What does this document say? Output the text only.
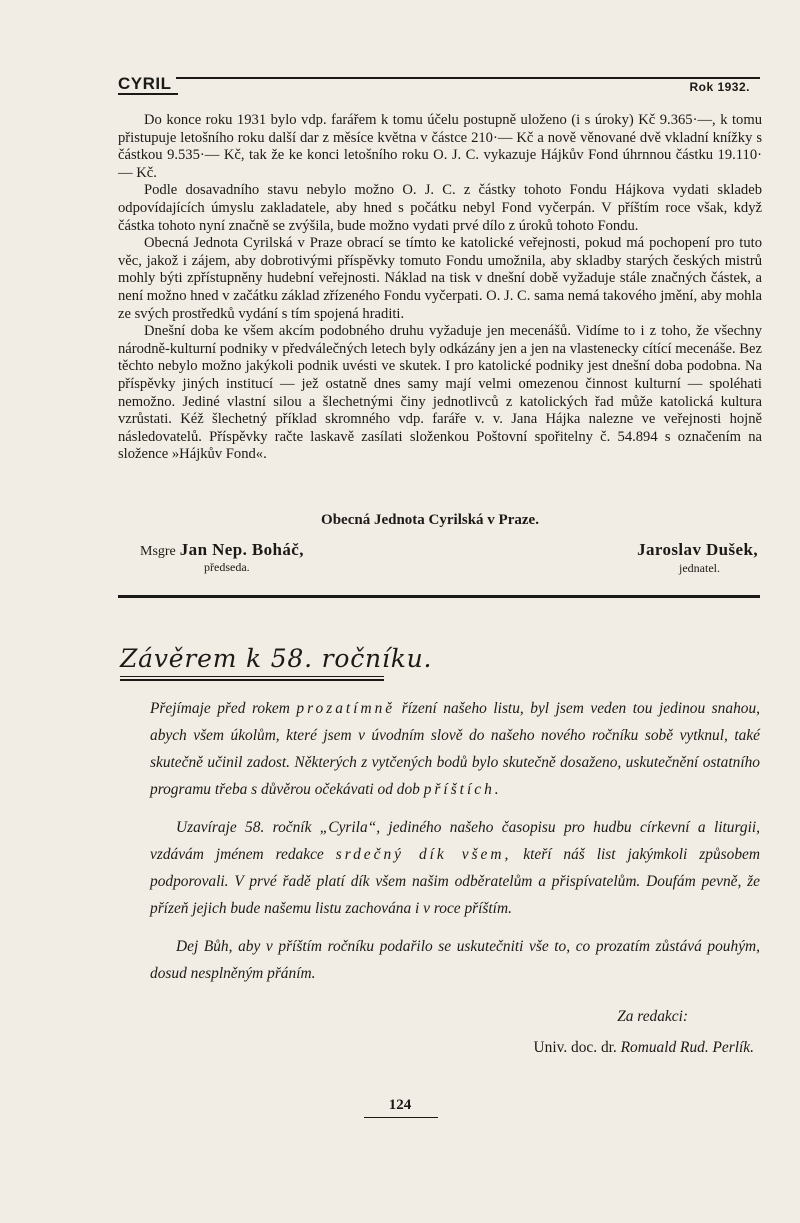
CYRIL	Rok 1932.

Do konce roku 1931 bylo vdp. farářem k tomu účelu postupně uloženo (i s úroky) Kč 9.365·—, k tomu přistupuje letošního roku další dar z měsíce května v částce 210·— Kč a nově věnované dvě vkladní knížky s částkou 9.535·— Kč, tak že ke konci letošního roku O. J. C. vykazuje Hájkův Fond úhrnnou částku 19.110·— Kč.

Podle dosavadního stavu nebylo možno O. J. C. z částky tohoto Fondu Hájkova vydati skladeb odpovídajících úmyslu zakladatele, aby hned s počátku nebyl Fond vyčerpán. V příštím roce však, když částka tohoto nyní značně se zvýšila, bude možno vydati prvé dílo z úroků tohoto Fondu.

Obecná Jednota Cyrilská v Praze obrací se tímto ke katolické veřejnosti, pokud má pochopení pro tuto věc, jakož i zájem, aby dobrotivými příspěvky tomuto Fondu umožnila, aby skladby starých českých mistrů mohly býti zpřístupněny hudební veřejnosti. Náklad na tisk v dnešní době vyžaduje stále značných částek, a není možno hned v začátku základ zřízeného Fondu vyčerpati. O. J. C. sama nemá takového jmění, aby mohla ze svých prostředků vydání s tím spojená hraditi.

Dnešní doba ke všem akcím podobného druhu vyžaduje jen mecenášů. Vidíme to i z toho, že všechny národně-kulturní podniky v předválečných letech byly odkázány jen a jen na vlastenecky cítící mecenáše. Bez těchto nebylo možno jakýkoli podnik uvésti ve skutek. I pro katolické podniky jest dnešní doba podobna. Na příspěvky jiných institucí — jež ostatně dnes samy mají velmi omezenou činnost kulturní — spoléhati nemožno. Jediné vlastní silou a šlechetnými činy jednotlivců z katolických řad může katolická kultura vzrůstati. Kéž šlechetný příklad skromného vdp. faráře v. v. Jana Hájka nalezne ve veřejnosti hojně následovatelů. Příspěvky račte laskavě zasílati složenkou Poštovní spořitelny č. 54.894 s označením na složence »Hájkův Fond«.

Obecná Jednota Cyrilská v Praze.
Msgre Jan Nep. Boháč,
předseda.
Jaroslav Dušek,
jednatel.
Závěrem k 58. ročníku.

Přejímaje před rokem prozatímně řízení našeho listu, byl jsem veden tou jedinou snahou, abych všem úkolům, které jsem v úvodním slově do našeho nového ročníku sobě vytknul, také skutečně učinil zadost. Některých z vytčených bodů bylo skutečně dosaženo, uskutečnění ostatního programu třeba s důvěrou očekávati od dob příštích.

Uzavíraje 58. ročník „Cyrila“, jediného našeho časopisu pro hudbu církevní a liturgii, vzdávám jménem redakce srdečný dík všem, kteří náš list jakýmkoli způsobem podporovali. V prvé řadě platí dík všem našim odběratelům a přispívatelům. Doufám pevně, že přízeň jejich bude našemu listu zachována i v roce příštím.

Dej Bůh, aby v příštím ročníku podařilo se uskutečniti vše to, co prozatím zůstává pouhým, dosud nesplněným přáním.

Za redakci:
Univ. doc. dr. Romuald Rud. Perlík.
124
